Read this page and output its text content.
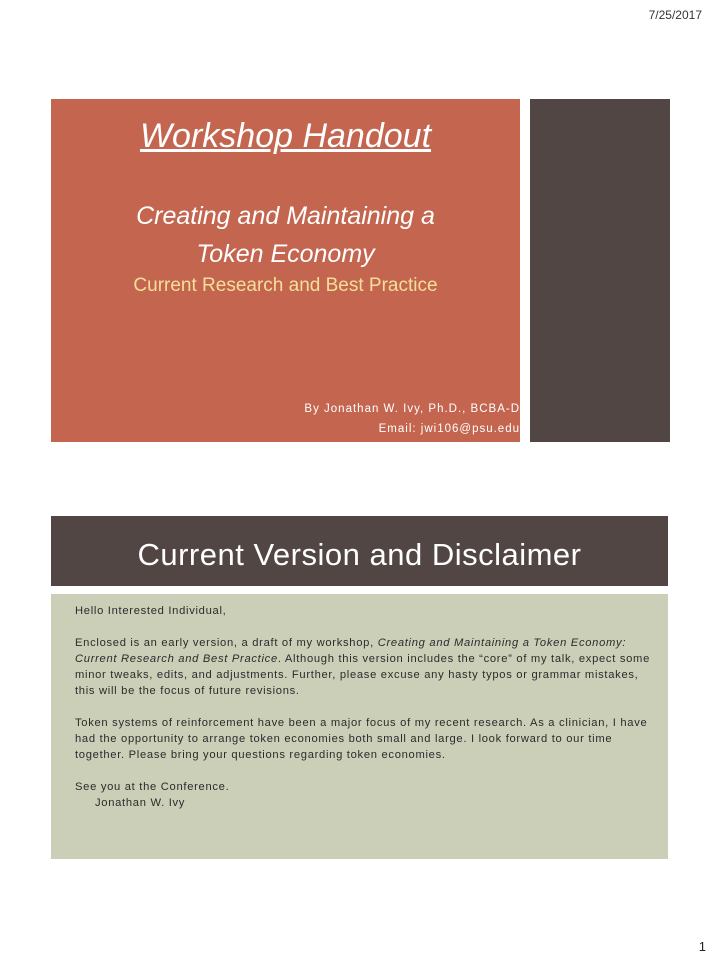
7/25/2017
Workshop Handout
Creating and Maintaining a
Token Economy
Current Research and Best Practice
By Jonathan W. Ivy, Ph.D., BCBA-D
Email: jwi106@psu.edu
Current Version and Disclaimer

Hello Interested Individual,

Enclosed is an early version, a draft of my workshop, Creating and Maintaining a Token Economy: Current Research and Best Practice. Although this version includes the “core” of my talk, expect some minor tweaks, edits, and adjustments. Further, please excuse any hasty typos or grammar mistakes, this will be the focus of future revisions.

Token systems of reinforcement have been a major focus of my recent research. As a clinician, I have had the opportunity to arrange token economies both small and large. I look forward to our time together. Please bring your questions regarding token economies.

See you at the Conference.

Jonathan W. Ivy

1
